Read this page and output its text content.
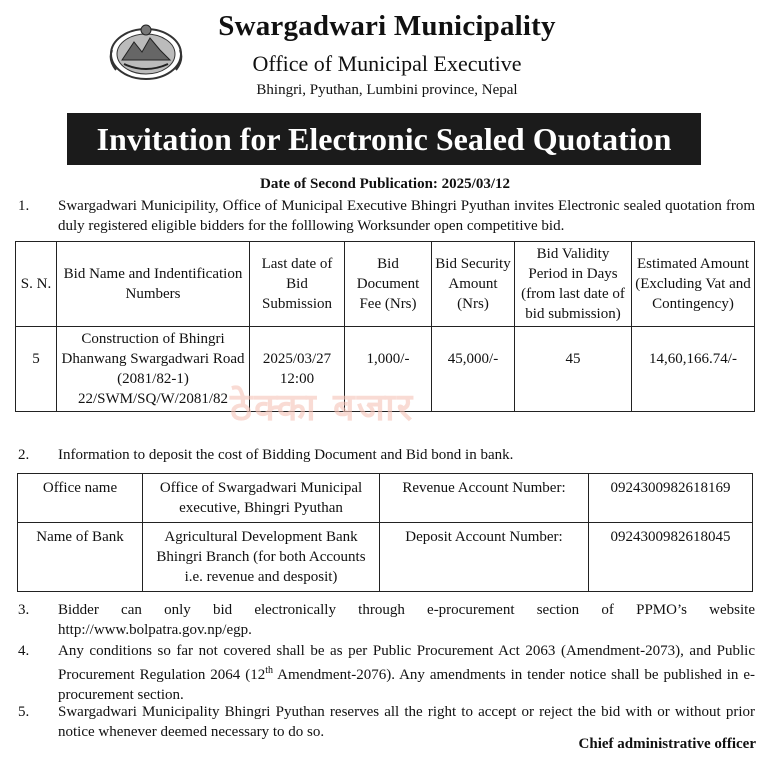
Swargadwari Municipality
Office of Municipal Executive
Bhingri, Pyuthan, Lumbini province, Nepal
Invitation for Electronic Sealed Quotation
Date of Second Publication: 2025/03/12
1. Swargadwari Municipility, Office of Municipal Executive Bhingri Pyuthan invites Electronic sealed quotation from duly registered eligible bidders for the folllowing Worksunder open competitive bid.
S. N.	Bid Name and Indentification Numbers	Last date of Bid Submission	Bid Document Fee (Nrs)	Bid Security Amount (Nrs)	Bid Validity Period in Days (from last date of bid submission)	Estimated Amount (Excluding Vat and Contingency)
5	Construction of Bhingri Dhanwang Swargadwari Road (2081/82-1) 22/SWM/SQ/W/2081/82	2025/03/27 12:00	1,000/-	45,000/-	45	14,60,166.74/-
ठेक्का बजार
2. Information to deposit the cost of Bidding Document and Bid bond in bank.
Office name	Office of Swargadwari Municipal executive, Bhingri Pyuthan	Revenue Account Number:	0924300982618169
Name of Bank	Agricultural Development Bank Bhingri Branch (for both Accounts i.e. revenue and desposit)	Deposit Account Number:	0924300982618045
3. Bidder can only bid electronically through e-procurement section of PPMO’s website http://www.bolpatra.gov.np/egp.
4. Any conditions so far not covered shall be as per Public Procurement Act 2063 (Amendment-2073), and Public Procurement Regulation 2064 (12th Amendment-2076). Any amendments in tender notice shall be published in e-procurement section.
5. Swargadwari Municipality Bhingri Pyuthan reserves all the right to accept or reject the bid with or without prior notice whenever deemed necessary to do so.
Chief administrative officer
